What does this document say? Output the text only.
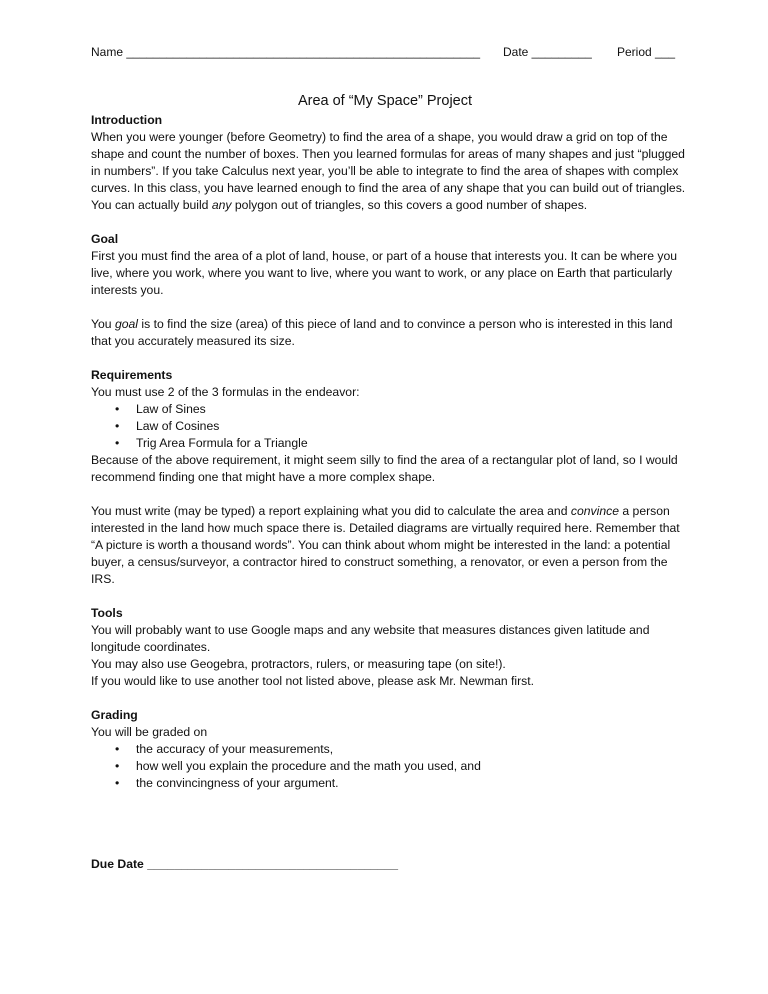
Name _____________________________________________________ Date _________ Period ___
Area of “My Space” Project
Introduction

When you were younger (before Geometry) to find the area of a shape, you would draw a grid on top of the shape and count the number of boxes. Then you learned formulas for areas of many shapes and just “plugged in numbers”. If you take Calculus next year, you’ll be able to integrate to find the area of shapes with complex curves. In this class, you have learned enough to find the area of any shape that you can build out of triangles. You can actually build any polygon out of triangles, so this covers a good number of shapes.

Goal

First you must find the area of a plot of land, house, or part of a house that interests you. It can be where you live, where you work, where you want to live, where you want to work, or any place on Earth that particularly interests you.

You goal is to find the size (area) of this piece of land and to convince a person who is interested in this land that you accurately measured its size.

Requirements

You must use 2 of the 3 formulas in the endeavor:

• Law of Sines
• Law of Cosines
• Trig Area Formula for a Triangle

Because of the above requirement, it might seem silly to find the area of a rectangular plot of land, so I would recommend finding one that might have a more complex shape.

You must write (may be typed) a report explaining what you did to calculate the area and convince a person interested in the land how much space there is. Detailed diagrams are virtually required here. Remember that “A picture is worth a thousand words”. You can think about whom might be interested in the land: a potential buyer, a census/surveyor, a contractor hired to construct something, a renovator, or even a person from the IRS.

Tools

You will probably want to use Google maps and any website that measures distances given latitude and longitude coordinates.

You may also use Geogebra, protractors, rulers, or measuring tape (on site!).

If you would like to use another tool not listed above, please ask Mr. Newman first.

Grading

You will be graded on

• the accuracy of your measurements,
• how well you explain the procedure and the math you used, and
• the convincingness of your argument.
Due Date _____________________________________
